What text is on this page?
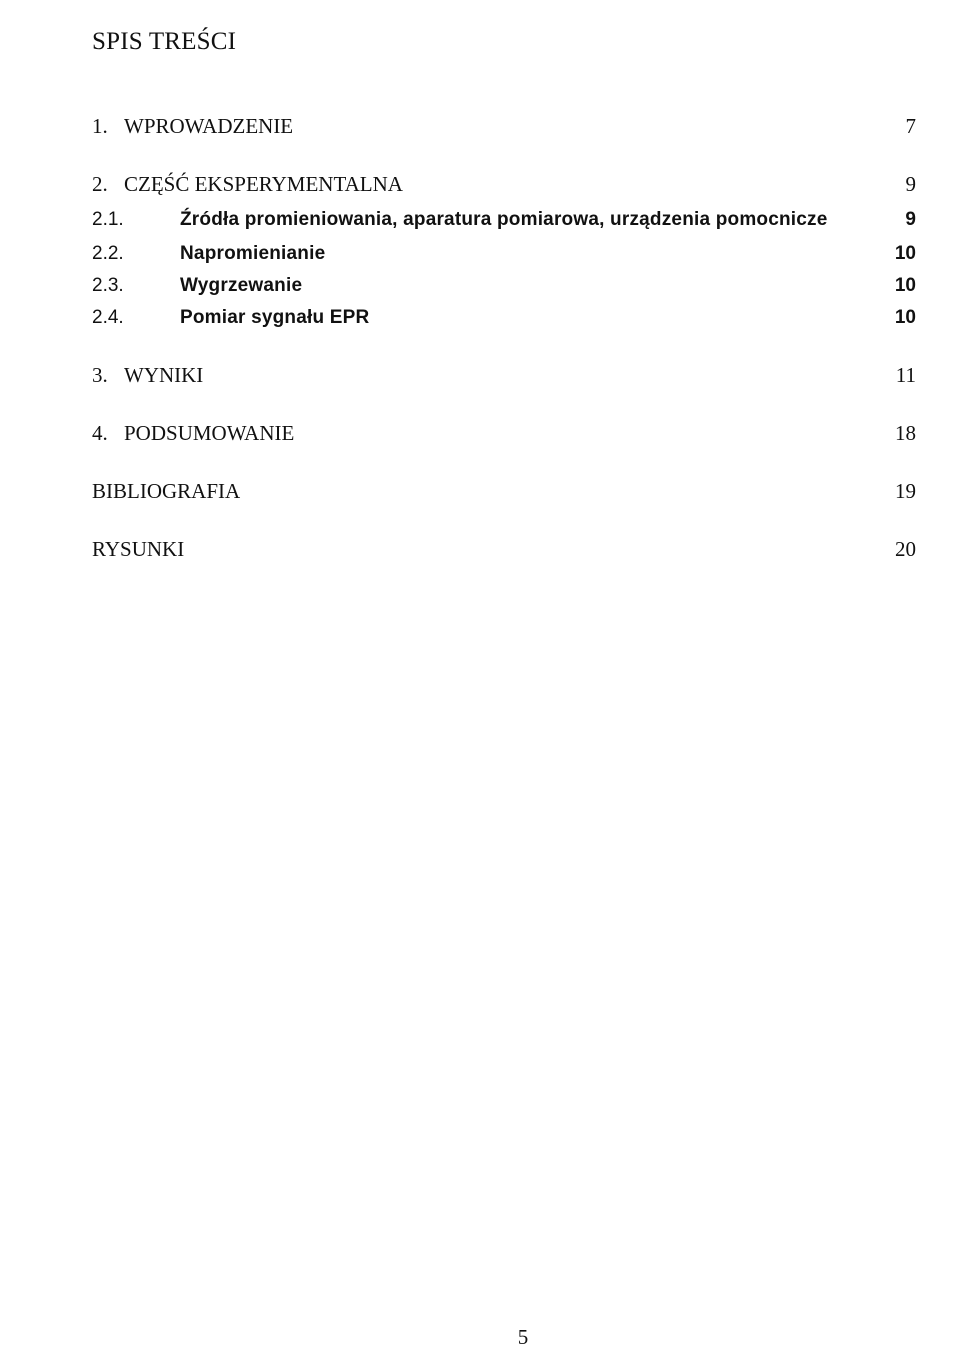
SPIS TREŚCI
1. WPROWADZENIE	7
2. CZĘŚĆ EKSPERYMENTALNA	9
2.1.	Źródła promieniowania, aparatura pomiarowa, urządzenia pomocnicze	9
2.2.	Napromienianie	10
2.3.	Wygrzewanie	10
2.4.	Pomiar sygnału EPR	10
3. WYNIKI	11
4. PODSUMOWANIE	18
BIBLIOGRAFIA	19
RYSUNKI	20
5
